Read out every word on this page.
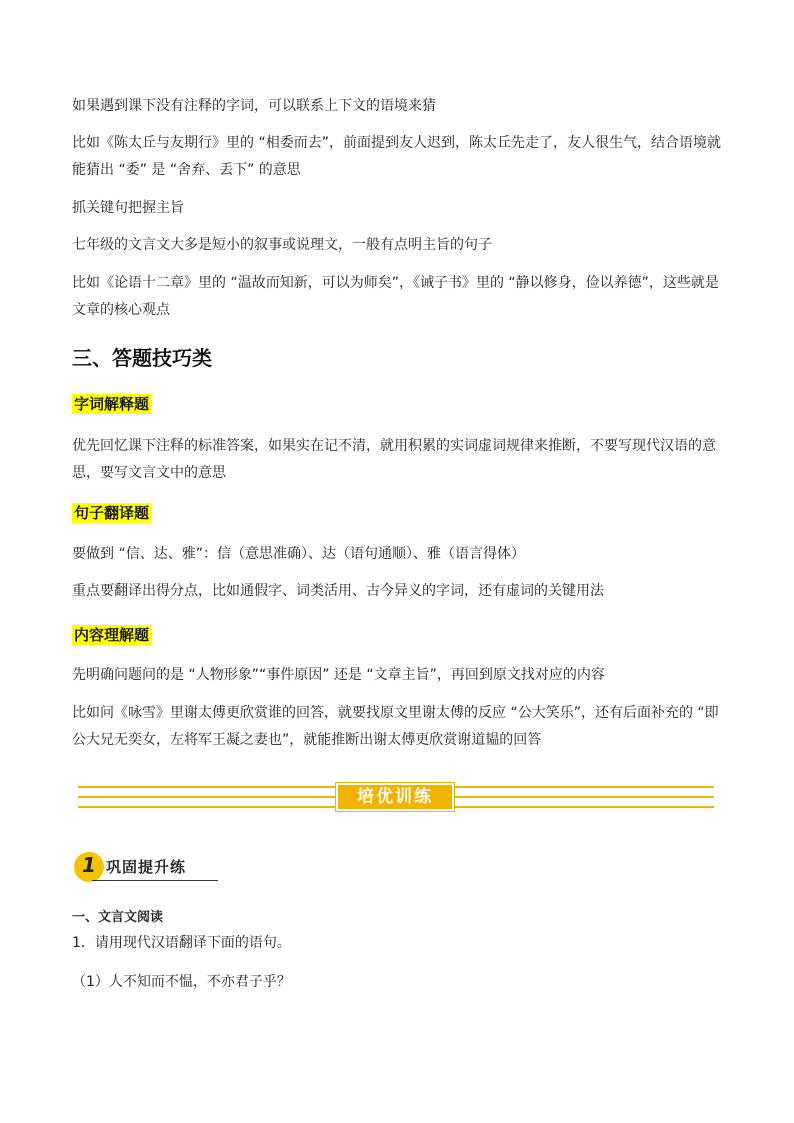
如果遇到课下没有注释的字词，可以联系上下文的语境来猜

比如《陈太丘与友期行》里的 “相委而去”，前面提到友人迟到，陈太丘先走了，友人很生气，结合语境就能猜出 “委” 是 “舍弃、丢下” 的意思

抓关键句把握主旨

七年级的文言文大多是短小的叙事或说理文，一般有点明主旨的句子

比如《论语十二章》里的 “温故而知新，可以为师矣”，《诫子书》里的 “静以修身，俭以养德”，这些就是文章的核心观点

三、答题技巧类
字词解释题

优先回忆课下注释的标准答案，如果实在记不清，就用积累的实词虚词规律来推断，不要写现代汉语的意思，要写文言文中的意思

句子翻译题

要做到 “信、达、雅”：信（意思准确）、达（语句通顺）、雅（语言得体）

重点要翻译出得分点，比如通假字、词类活用、古今异义的字词，还有虚词的关键用法

内容理解题

先明确问题问的是 “人物形象”“事件原因” 还是 “文章主旨”，再回到原文找对应的内容

比如问《咏雪》里谢太傅更欣赏谁的回答，就要找原文里谢太傅的反应 “公大笑乐”，还有后面补充的 “即公大兄无奕女，左将军王凝之妻也”，就能推断出谢太傅更欣赏谢道韫的回答

培优训练
1 巩固提升练

一、文言文阅读

1．请用现代汉语翻译下面的语句。

（1）人不知而不愠，不亦君子乎？
